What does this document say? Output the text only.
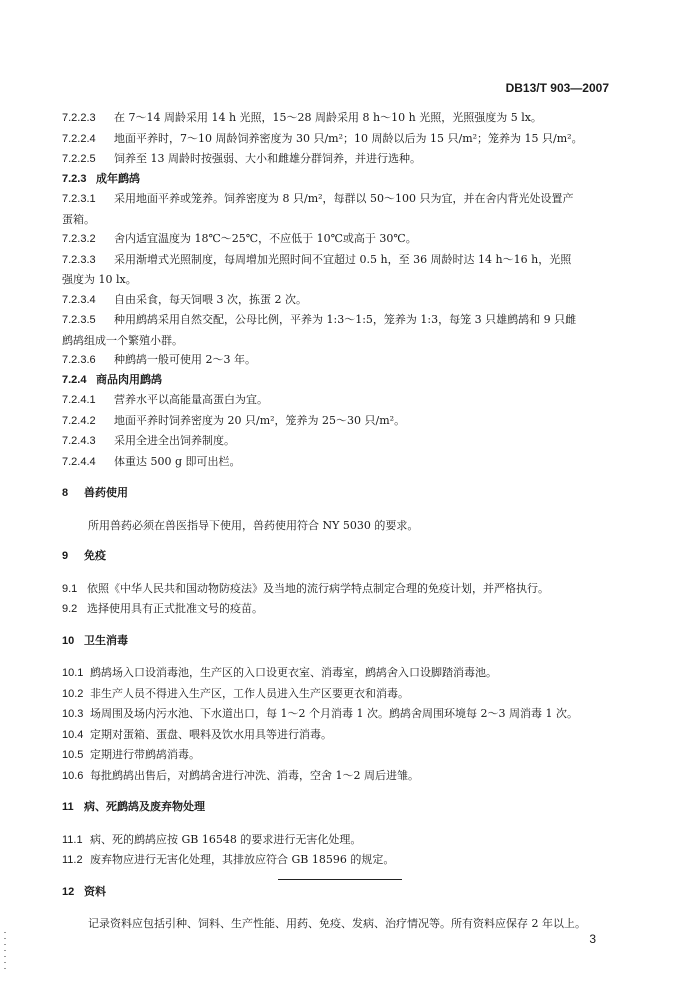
DB13/T 903—2007
7.2.2.3	在 7～14 周龄采用 14 h 光照，15～28 周龄采用 8 h～10 h 光照，光照强度为 5 lx。
7.2.2.4	地面平养时，7～10 周龄饲养密度为 30 只/m²；10 周龄以后为 15 只/m²；笼养为 15 只/m²。
7.2.2.5	饲养至 13 周龄时按强弱、大小和雌雄分群饲养，并进行选种。
7.2.3 成年鹧鸪
7.2.3.1	采用地面平养或笼养。饲养密度为 8 只/m²，每群以 50～100 只为宜，并在舍内背光处设置产
蛋箱。
7.2.3.2	舍内适宜温度为 18℃～25℃，不应低于 10℃或高于 30℃。
7.2.3.3	采用渐增式光照制度，每周增加光照时间不宜超过 0.5 h，至 36 周龄时达 14 h～16 h，光照
强度为 10 lx。
7.2.3.4	自由采食，每天饲喂 3 次，拣蛋 2 次。
7.2.3.5	种用鹧鸪采用自然交配，公母比例，平养为 1:3～1:5，笼养为 1:3，每笼 3 只雄鹧鸪和 9 只雌
鹧鸪组成一个繁殖小群。
7.2.3.6	种鹧鸪一般可使用 2～3 年。
7.2.4 商品肉用鹧鸪
7.2.4.1	营养水平以高能量高蛋白为宜。
7.2.4.2	地面平养时饲养密度为 20 只/m²，笼养为 25～30 只/m²。
7.2.4.3	采用全进全出饲养制度。
7.2.4.4	体重达 500 g 即可出栏。
8	兽药使用
所用兽药必须在兽医指导下使用，兽药使用符合 NY 5030 的要求。
9	免疫
9.1 依照《中华人民共和国动物防疫法》及当地的流行病学特点制定合理的免疫计划，并严格执行。
9.2 选择使用具有正式批准文号的疫苗。
10 卫生消毒
10.1 鹧鸪场入口设消毒池，生产区的入口设更衣室、消毒室，鹧鸪舍入口设脚踏消毒池。
10.2 非生产人员不得进入生产区，工作人员进入生产区要更衣和消毒。
10.3 场周围及场内污水池、下水道出口，每 1～2 个月消毒 1 次。鹧鸪舍周围环境每 2～3 周消毒 1 次。
10.4 定期对蛋箱、蛋盘、喂料及饮水用具等进行消毒。
10.5 定期进行带鹧鸪消毒。
10.6 每批鹧鸪出售后，对鹧鸪舍进行冲洗、消毒，空舍 1～2 周后进雏。
11 病、死鹧鸪及废弃物处理
11.1 病、死的鹧鸪应按 GB 16548 的要求进行无害化处理。
11.2 废弃物应进行无害化处理，其排放应符合 GB 18596 的规定。
12 资料
记录资料应包括引种、饲料、生产性能、用药、免疫、发病、治疗情况等。所有资料应保存 2 年以上。
3
